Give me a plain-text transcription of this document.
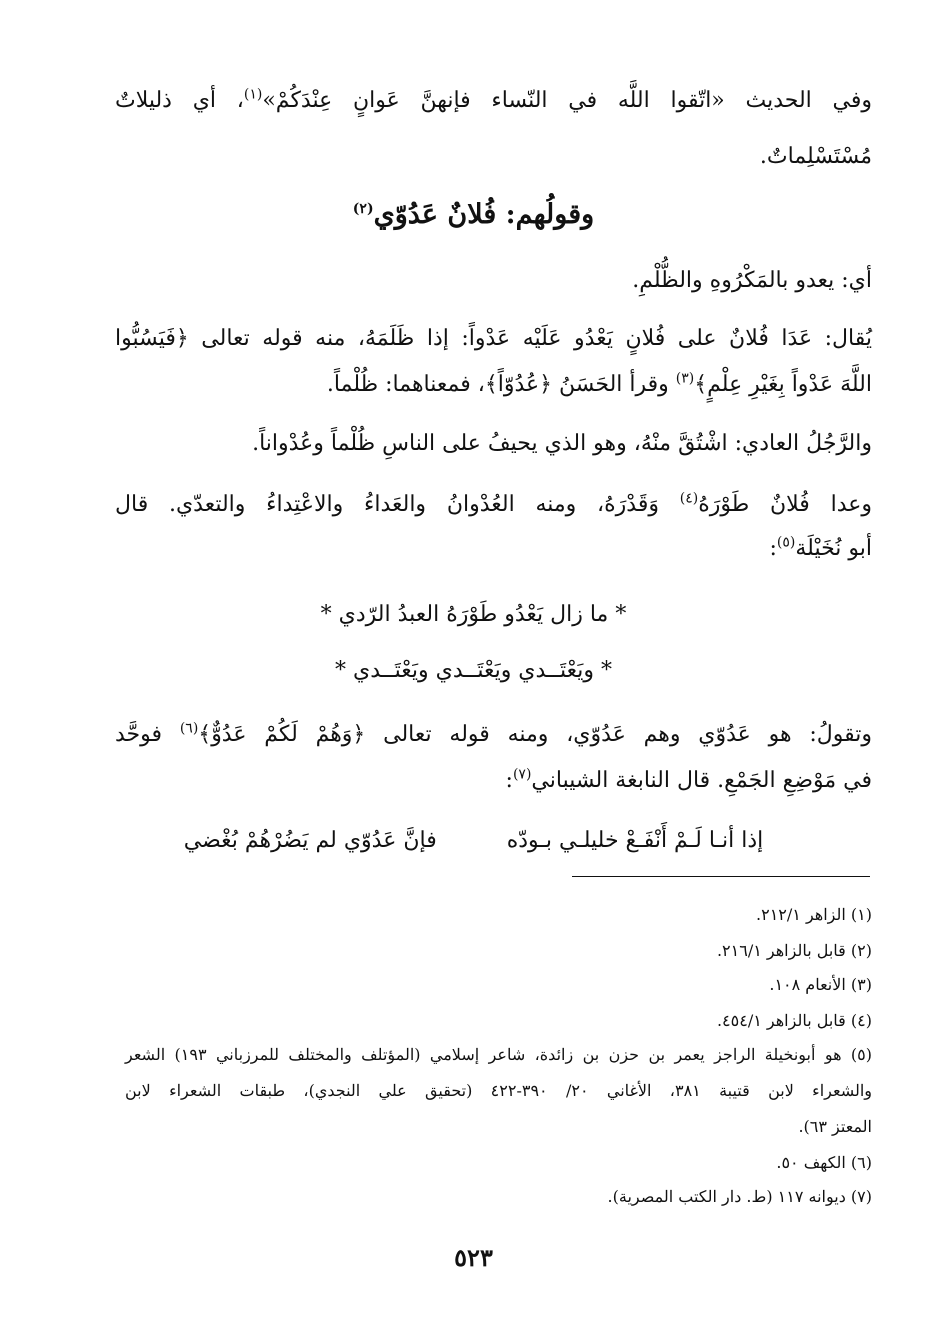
وفي الحديث «اتّقوا اللَّه في النّساء فإنهنَّ عَوانٍ عِنْدَكُمْ»$^{(١)}$، أي ذليلاتٌ
مُسْتَسْلِماتٌ.
وقولُهم: فُلانٌ عَدُوّي$^{(٢)}$
أي: يعدو بالمَكْرُوهِ والظُّلْمِ.
يُقال: عَدَا فُلانٌ على فُلانٍ يَعْدُو عَلَيْه عَدْواً: إذا ظَلَمَهُ، منه قوله تعالى ﴿فَيَسُبُّوا
اللَّهَ عَدْواً بِغَيْرِ عِلْمٍ﴾$^{(٣)}$ وقرأ الحَسَنُ ﴿عُدُوّاً﴾، فمعناهما: ظُلْماً.
والرَّجُلُ العادي: اشْتُقَّ منْهُ، وهو الذي يحيفُ على الناسِ ظُلْماً وعُدْواناً.
وعدا فُلانٌ طَوْرَهُ$^{(٤)}$ وَقَدْرَهُ، ومنه العُدْوانُ والعَداءُ والاعْتِداءُ والتعدّي. قال
أبو نُخَيْلَة$^{(٥)}$:
* ما زال يَعْدُو طَوْرَهُ العبدُ الرّدي *
* ويَعْتَــدي ويَعْتَــدي ويَعْتَــدي *
وتقولُ: هو عَدُوّي وهم عَدُوّي، ومنه قوله تعالى ﴿وَهُمْ لَكُمْ عَدُوٌّ﴾$^{(٦)}$ فوحَّد
في مَوْضِعِ الجَمْعِ. قال النابغة الشيباني$^{(٧)}$:
إذا أنـا لَـمْ أَنْفَـعْ خليلـي بـودّه
فإنَّ عَدُوّي لم يَضُرْهُمْ بُغْضي
(١) الزاهر ٢١٢/١.
(٢) قابل بالزاهر ٢١٦/١.
(٣) الأنعام ١٠٨.
(٤) قابل بالزاهر ٤٥٤/١.
(٥) هو أبونخيلة الراجز يعمر بن حزن بن زائدة، شاعر إسلامي (المؤتلف والمختلف للمرزباني ١٩٣) الشعر
والشعراء لابن قتيبة ٣٨١، الأغاني ٢٠/ ٣٩٠-٤٢٢ (تحقيق علي النجدي)، طبقات الشعراء لابن
المعتز ٦٣).
(٦) الكهف ٥٠.
(٧) ديوانه ١١٧ (ط. دار الكتب المصرية).
٥٢٣
